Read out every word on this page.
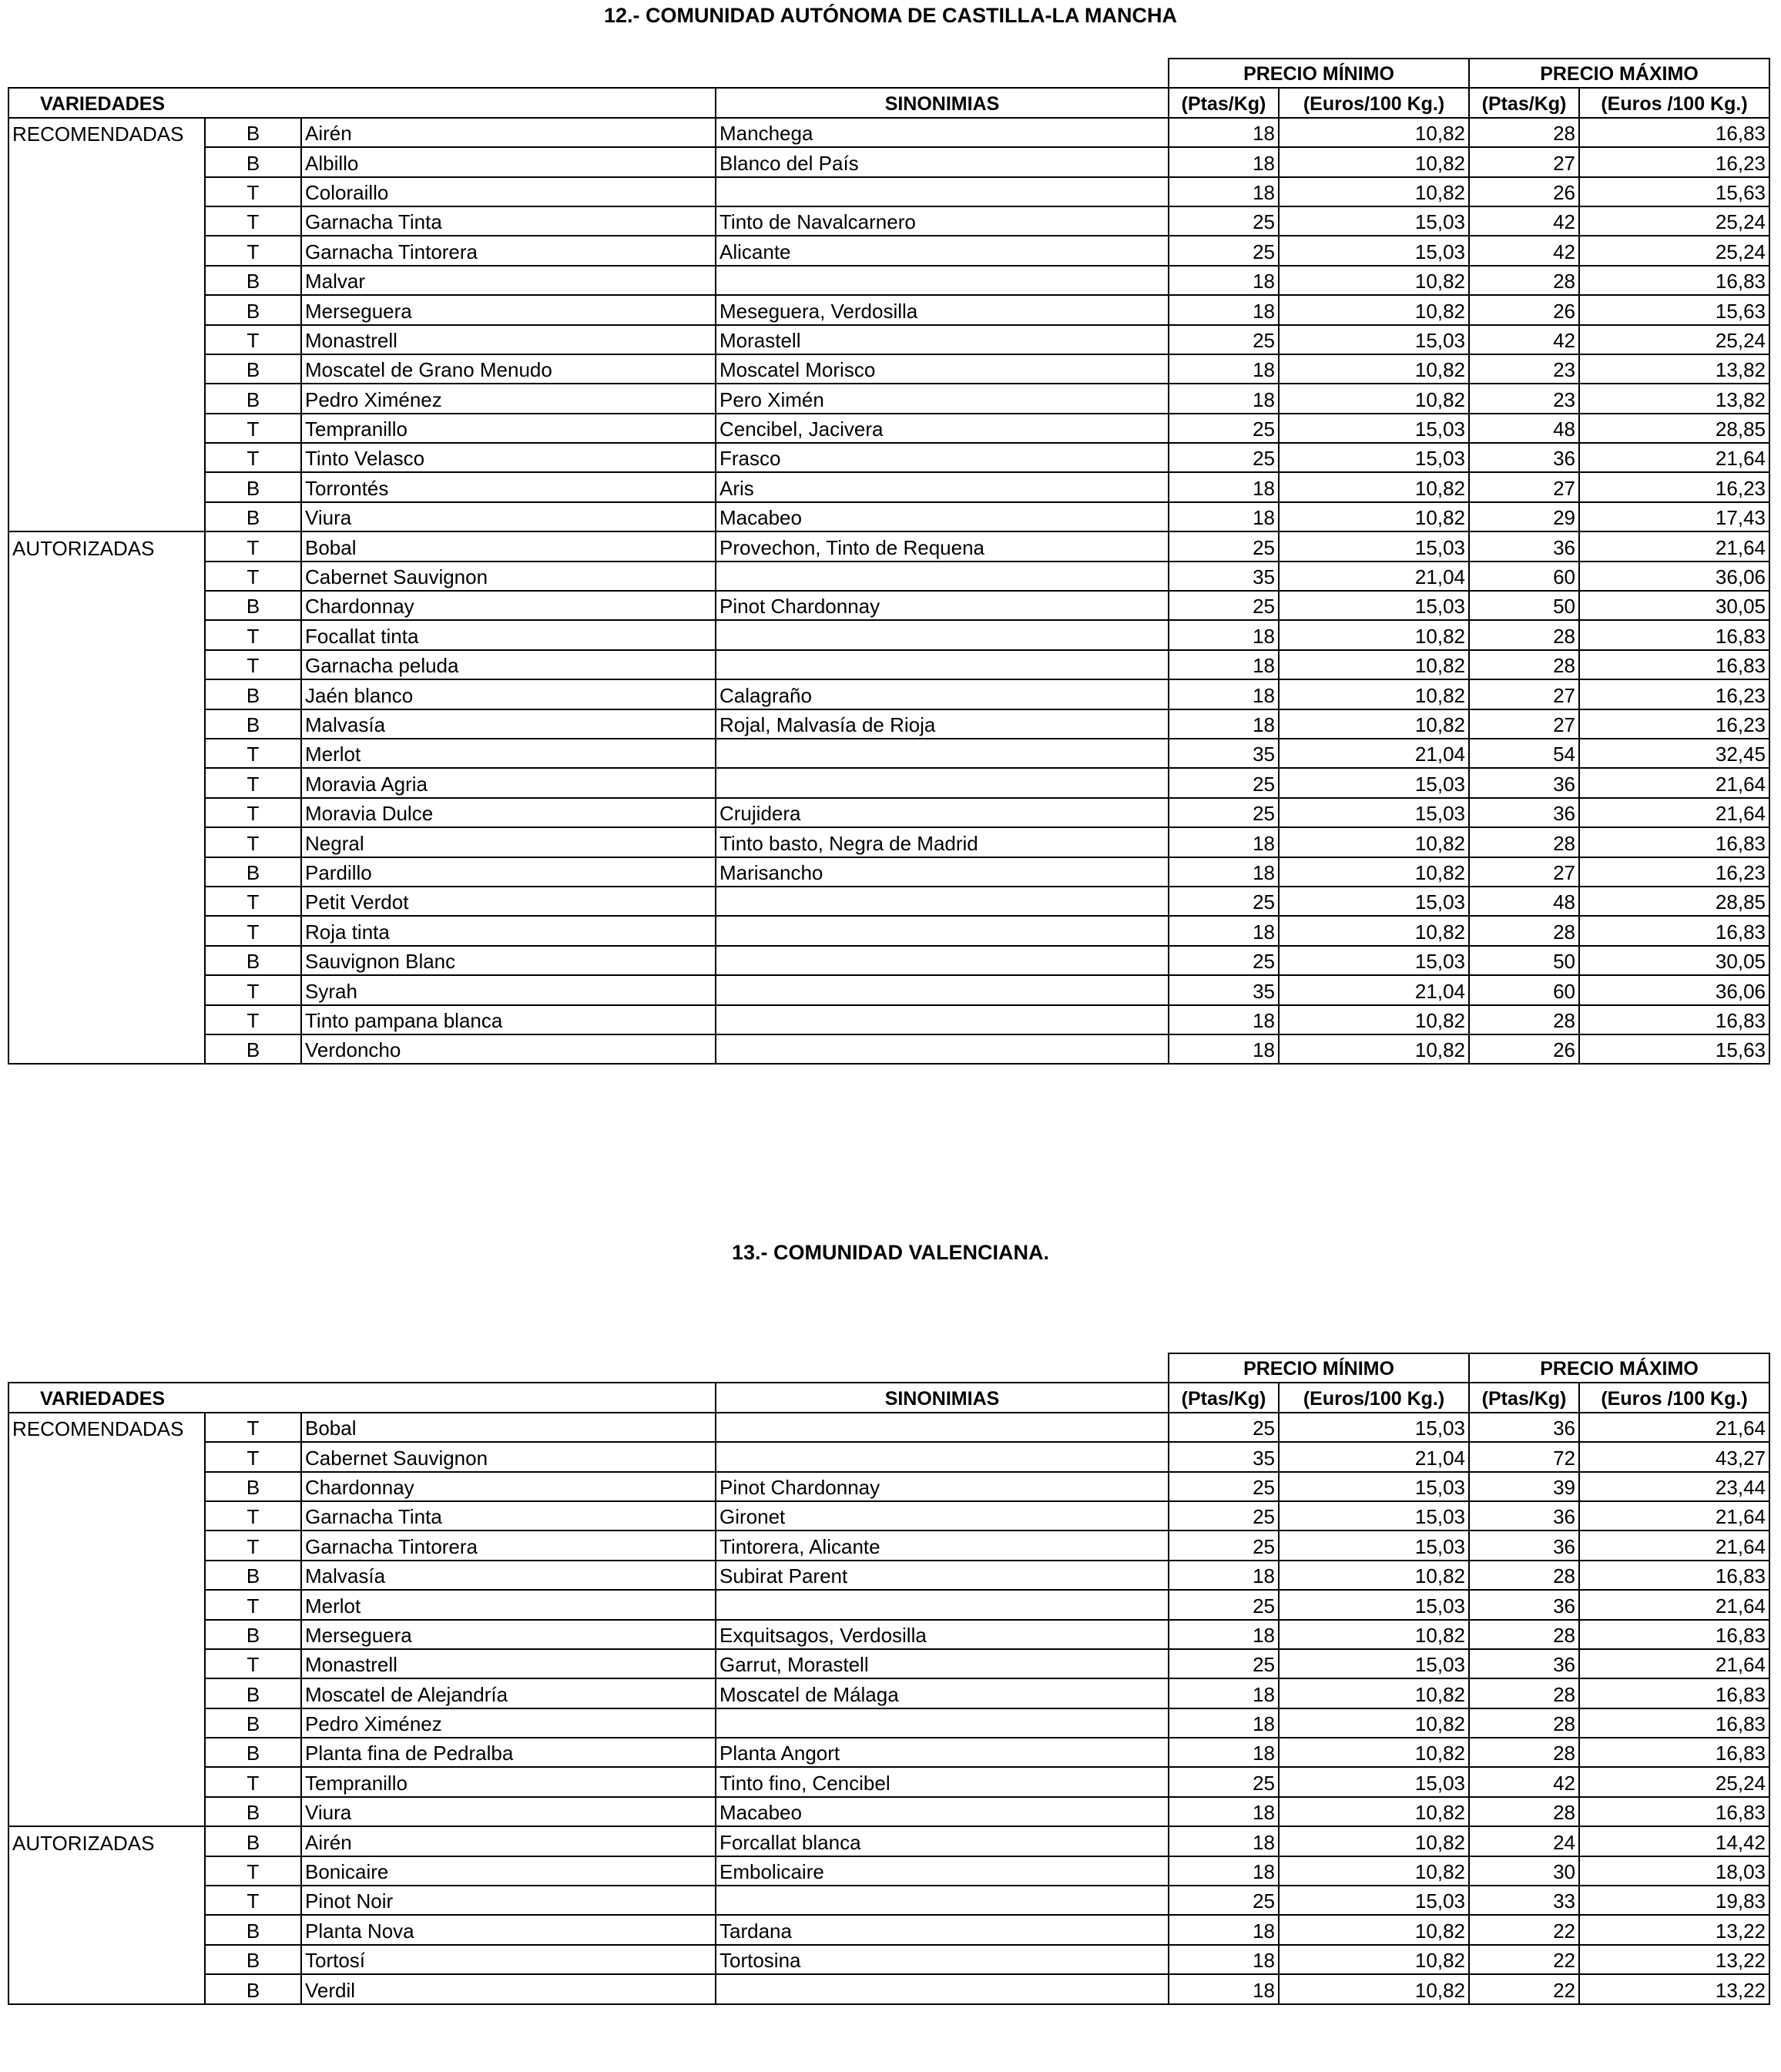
12.- COMUNIDAD AUTÓNOMA DE CASTILLA-LA MANCHA
				PRECIO MÍNIMO		PRECIO MÁXIMO	
VARIEDADES			SINONIMIAS	(Ptas/Kg)	(Euros/100 Kg.)	(Ptas/Kg)	(Euros /100 Kg.)
RECOMENDADAS	B	Airén	Manchega	18	10,82	28	16,83
	B	Albillo	Blanco del País	18	10,82	27	16,23
	T	Coloraillo		18	10,82	26	15,63
	T	Garnacha Tinta	Tinto de Navalcarnero	25	15,03	42	25,24
	T	Garnacha Tintorera	Alicante	25	15,03	42	25,24
	B	Malvar		18	10,82	28	16,83
	B	Merseguera	Meseguera, Verdosilla	18	10,82	26	15,63
	T	Monastrell	Morastell	25	15,03	42	25,24
	B	Moscatel de Grano Menudo	Moscatel Morisco	18	10,82	23	13,82
	B	Pedro Ximénez	Pero Ximén	18	10,82	23	13,82
	T	Tempranillo	Cencibel, Jacivera	25	15,03	48	28,85
	T	Tinto Velasco	Frasco	25	15,03	36	21,64
	B	Torrontés	Aris	18	10,82	27	16,23
	B	Viura	Macabeo	18	10,82	29	17,43
AUTORIZADAS	T	Bobal	Provechon, Tinto de Requena	25	15,03	36	21,64
	T	Cabernet Sauvignon		35	21,04	60	36,06
	B	Chardonnay	Pinot Chardonnay	25	15,03	50	30,05
	T	Focallat tinta		18	10,82	28	16,83
	T	Garnacha peluda		18	10,82	28	16,83
	B	Jaén blanco	Calagraño	18	10,82	27	16,23
	B	Malvasía	Rojal, Malvasía de Rioja	18	10,82	27	16,23
	T	Merlot		35	21,04	54	32,45
	T	Moravia Agria		25	15,03	36	21,64
	T	Moravia Dulce	Crujidera	25	15,03	36	21,64
	T	Negral	Tinto basto, Negra de Madrid	18	10,82	28	16,83
	B	Pardillo	Marisancho	18	10,82	27	16,23
	T	Petit Verdot		25	15,03	48	28,85
	T	Roja tinta		18	10,82	28	16,83
	B	Sauvignon Blanc		25	15,03	50	30,05
	T	Syrah		35	21,04	60	36,06
	T	Tinto pampana blanca		18	10,82	28	16,83
	B	Verdoncho		18	10,82	26	15,63
13.- COMUNIDAD VALENCIANA.
				PRECIO MÍNIMO		PRECIO MÁXIMO	
VARIEDADES			SINONIMIAS	(Ptas/Kg)	(Euros/100 Kg.)	(Ptas/Kg)	(Euros /100 Kg.)
RECOMENDADAS	T	Bobal		25	15,03	36	21,64
	T	Cabernet Sauvignon		35	21,04	72	43,27
	B	Chardonnay	Pinot Chardonnay	25	15,03	39	23,44
	T	Garnacha Tinta	Gironet	25	15,03	36	21,64
	T	Garnacha Tintorera	Tintorera, Alicante	25	15,03	36	21,64
	B	Malvasía	Subirat Parent	18	10,82	28	16,83
	T	Merlot		25	15,03	36	21,64
	B	Merseguera	Exquitsagos, Verdosilla	18	10,82	28	16,83
	T	Monastrell	Garrut, Morastell	25	15,03	36	21,64
	B	Moscatel de Alejandría	Moscatel de Málaga	18	10,82	28	16,83
	B	Pedro Ximénez		18	10,82	28	16,83
	B	Planta fina de Pedralba	Planta Angort	18	10,82	28	16,83
	T	Tempranillo	Tinto fino, Cencibel	25	15,03	42	25,24
	B	Viura	Macabeo	18	10,82	28	16,83
AUTORIZADAS	B	Airén	Forcallat blanca	18	10,82	24	14,42
	T	Bonicaire	Embolicaire	18	10,82	30	18,03
	T	Pinot Noir		25	15,03	33	19,83
	B	Planta Nova	Tardana	18	10,82	22	13,22
	B	Tortosí	Tortosina	18	10,82	22	13,22
	B	Verdil		18	10,82	22	13,22
